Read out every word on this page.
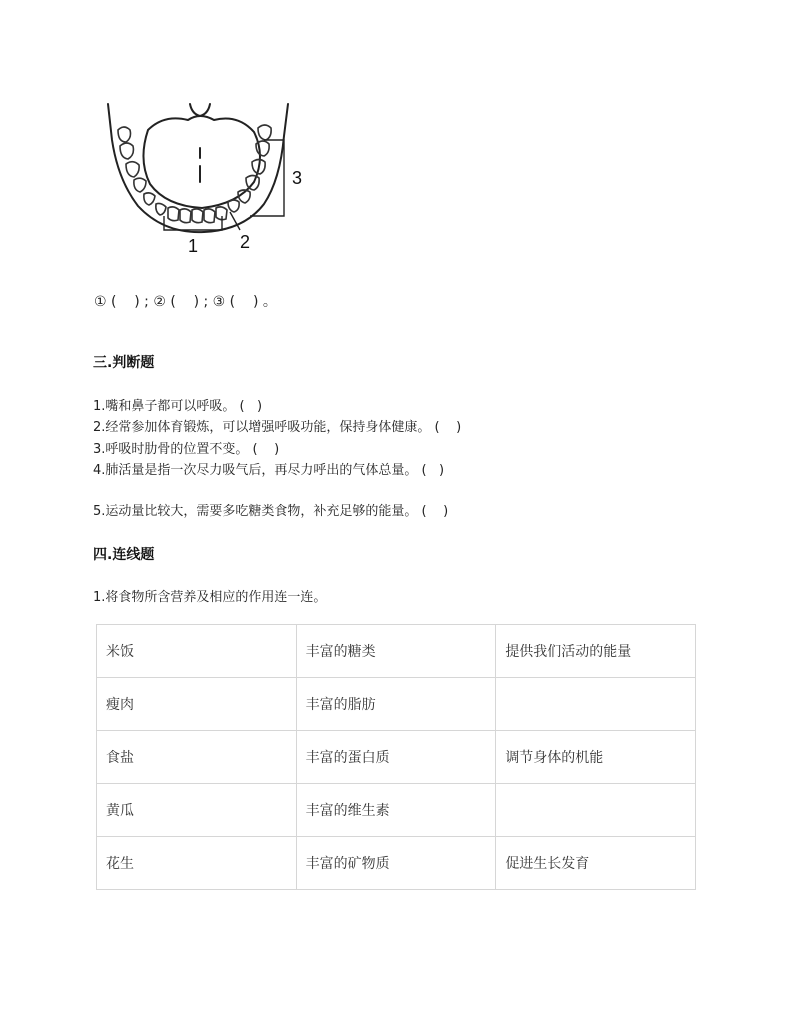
1 2
3
① (    ) ; ② (    ) ; ③ (    ) 。
三.判断题
1.嘴和鼻子都可以呼吸。 (   )
2.经常参加体育锻炼，可以增强呼吸功能，保持身体健康。 (    )
3.呼吸时肋骨的位置不变。 (    )
4.肺活量是指一次尽力吸气后，再尽力呼出的气体总量。 (   )
5.运动量比较大，需要多吃糖类食物，补充足够的能量。 (    )
四.连线题
1.将食物所含营养及相应的作用连一连。
米饭	丰富的糖类	提供我们活动的能量
瘦肉	丰富的脂肪	
食盐	丰富的蛋白质	调节身体的机能
黄瓜	丰富的维生素	
花生	丰富的矿物质	促进生长发育
